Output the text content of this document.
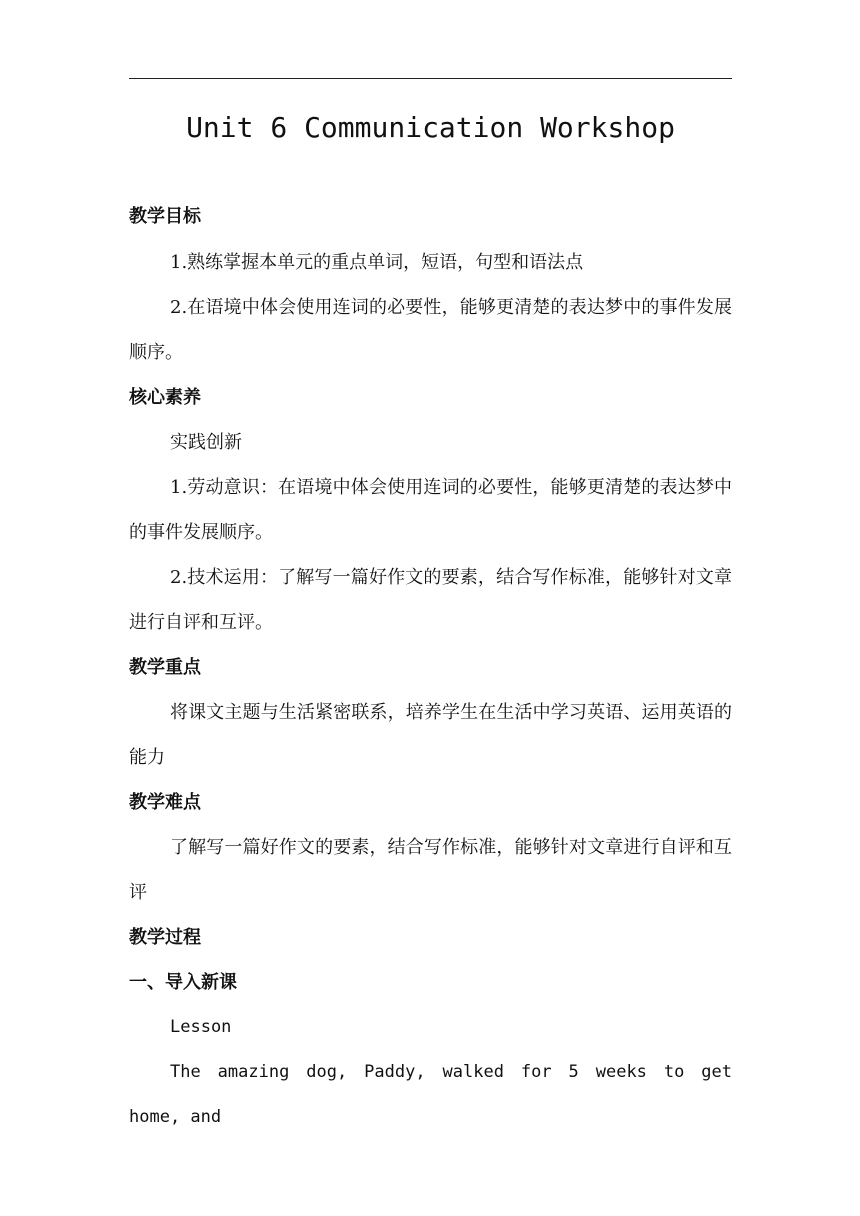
Unit 6 Communication Workshop
教学目标

1.熟练掌握本单元的重点单词，短语，句型和语法点

2.在语境中体会使用连词的必要性，能够更清楚的表达梦中的事件发展顺序。

核心素养

实践创新

1.劳动意识：在语境中体会使用连词的必要性，能够更清楚的表达梦中的事件发展顺序。

2.技术运用：了解写一篇好作文的要素，结合写作标准，能够针对文章进行自评和互评。

教学重点

将课文主题与生活紧密联系，培养学生在生活中学习英语、运用英语的能力

教学难点

了解写一篇好作文的要素，结合写作标准，能够针对文章进行自评和互评

教学过程
一、导入新课

Lesson

The amazing dog, Paddy, walked for 5 weeks to get home, and
